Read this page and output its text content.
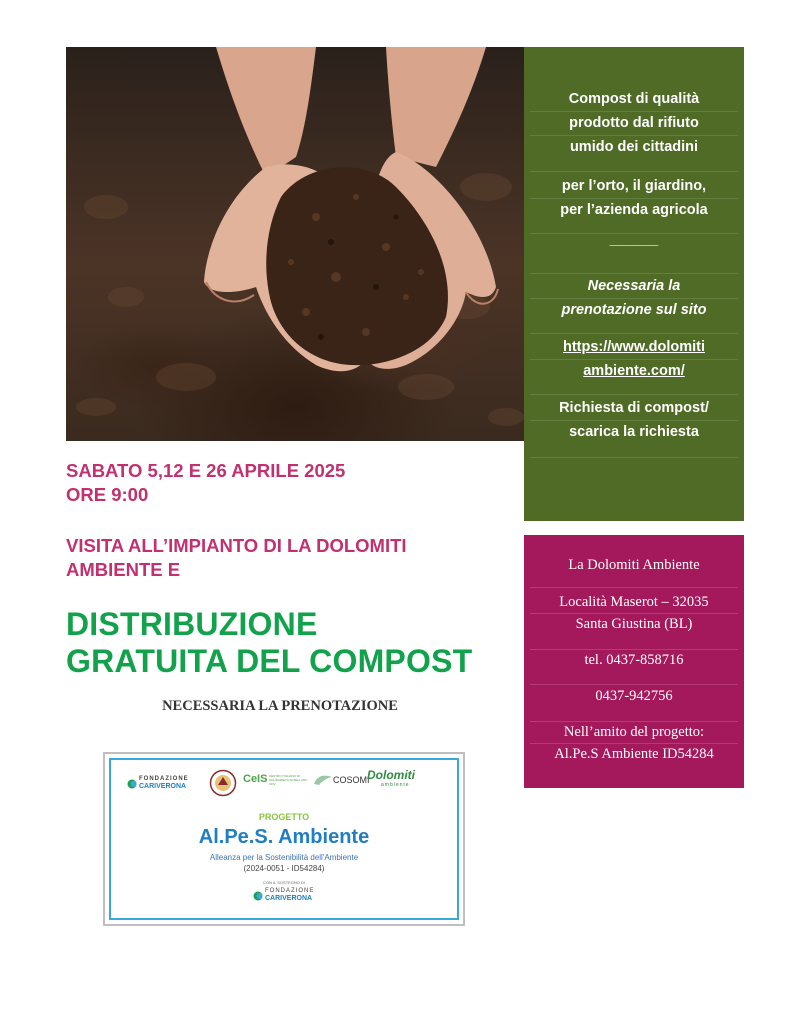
Compost di qualità
prodotto dal rifiuto
umido dei cittadini
per l’orto, il giardino,
per l’azienda agricola
______
Necessaria la
prenotazione sul sito
https://www.dolomiti
ambiente.com/
Richiesta di compost/
scarica la richiesta
SABATO 5,12 E 26 APRILE 2025
ORE 9:00
VISITA ALL’IMPIANTO DI LA DOLOMITI
AMBIENTE E
DISTRIBUZIONE
GRATUITA DEL COMPOST
NECESSARIA LA PRENOTAZIONE
La Dolomiti Ambiente
Località Maserot – 32035
Santa Giustina (BL)
tel. 0437-858716
0437-942756
Nell’amito del progetto:
Al.Pe.S Ambiente ID54284
FONDAZIONE
CARIVERONA
CeIS CENTRO ITALIANO DI SOLIDARIETÀ DI BELLUNO ODV	COSOMI
Dolomiti
ambiente
PROGETTO
Al.Pe.S. Ambiente
Alleanza per la Sostenibilità dell'Ambiente
(2024-0051 - ID54284)
CON IL SOSTEGNO DI
FONDAZIONE
CARIVERONA
